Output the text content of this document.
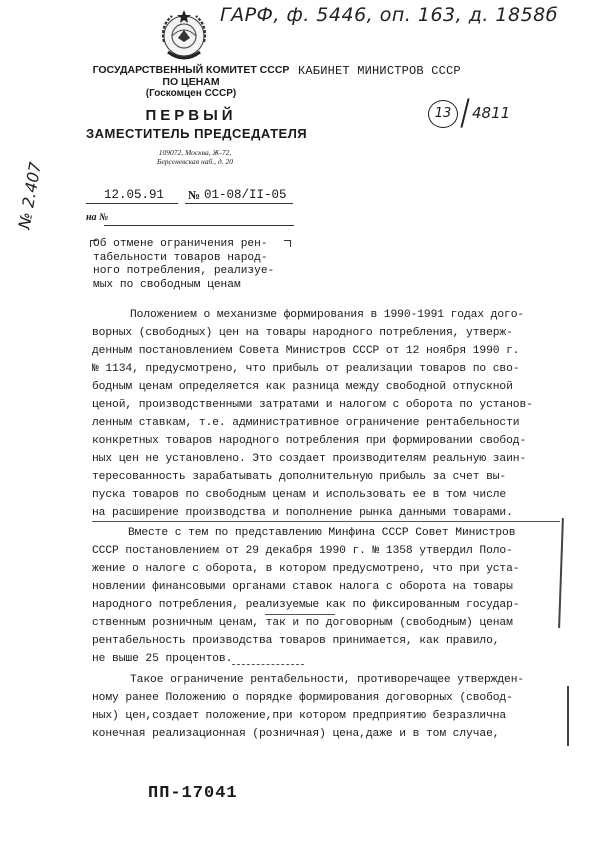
ГАРФ, ф. 5446, оп. 163, д. 1858б
№ 2.407
ГОСУДАРСТВЕННЫЙ КОМИТЕТ СССР
ПО ЦЕНАМ
(Госкомцен СССР)
ПЕРВЫЙ
ЗАМЕСТИТЕЛЬ ПРЕДСЕДАТЕЛЯ
109072, Москва, Ж-72,
Берсеневская наб., д. 20
КАБИНЕТ МИНИСТРОВ СССР
13	4811
12.05.91 № 01-08/II-05
на №
Об отмене ограничения рен-
табельности товаров народ-
ного потребления, реализуе-
мых по свободным ценам
Положением о механизме формирования в 1990-1991 годах дого-
ворных (свободных) цен на товары народного потребления, утверж-
денным постановлением Совета Министров СССР от 12 ноября 1990 г.
№ 1134, предусмотрено, что прибыль от реализации товаров по сво-
бодным ценам определяется как разница между свободной отпускной
ценой, производственными затратами и налогом с оборота по установ-
ленным ставкам, т.е. административное ограничение рентабельности
конкретных товаров народного потребления при формировании свобод-
ных цен не установлено. Это создает производителям реальную заин-
тересованность зарабатывать дополнительную прибыль за счет вы-
пуска товаров по свободным ценам и использовать ее в том числе
на расширение производства и пополнение рынка данными товарами.
Вместе с тем по представлению Минфина СССР Совет Министров
СССР постановлением от 29 декабря 1990 г. № 1358 утвердил Поло-
жение о налоге с оборота, в котором предусмотрено, что при уста-
новлении финансовыми органами ставок налога с оборота на товары
народного потребления, реализуемые как по фиксированным государ-
ственным розничным ценам, так и по договорным (свободным) ценам
рентабельность производства товаров принимается, как правило,
не выше 25 процентов.
Такое ограничение рентабельности, противоречащее утвержден-
ному ранее Положению о порядке формирования договорных (свобод-
ных) цен,создает положение,при котором предприятию безразлична
конечная реализационная (розничная) цена,даже и в том случае,
ПП-17041
